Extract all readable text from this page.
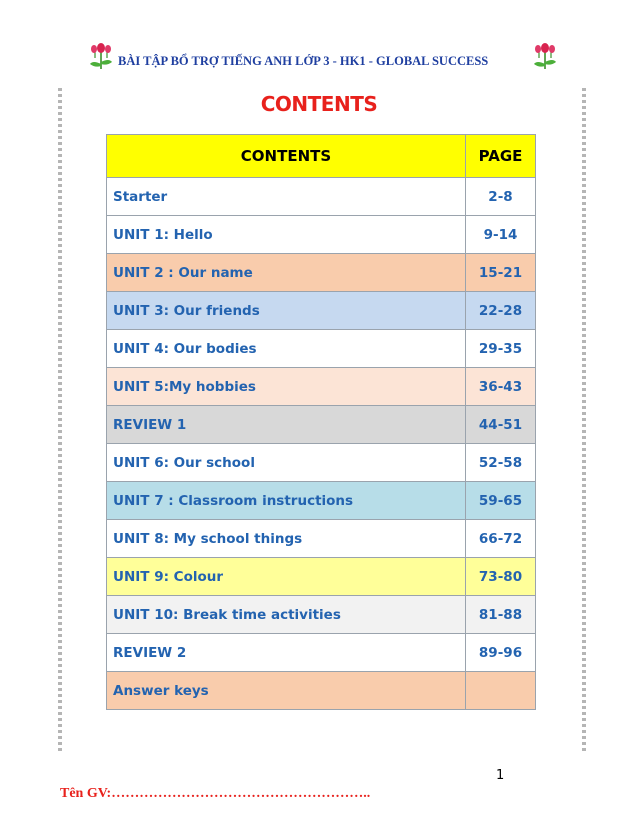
BÀI TẬP BỔ TRỢ TIẾNG ANH LỚP 3 - HK1 - GLOBAL SUCCESS
CONTENTS
CONTENTS	PAGE
Starter	2-8
UNIT 1: Hello	9-14
UNIT 2 : Our name	15-21
UNIT 3: Our friends	22-28
UNIT 4: Our bodies	29-35
UNIT 5:My hobbies	36-43
REVIEW 1	44-51
UNIT 6: Our school	52-58
UNIT 7 : Classroom instructions	59-65
UNIT 8: My school things	66-72
UNIT 9: Colour	73-80
UNIT 10: Break time activities	81-88
REVIEW 2	89-96
Answer keys	
1
Tên GV:………………………………………………..
